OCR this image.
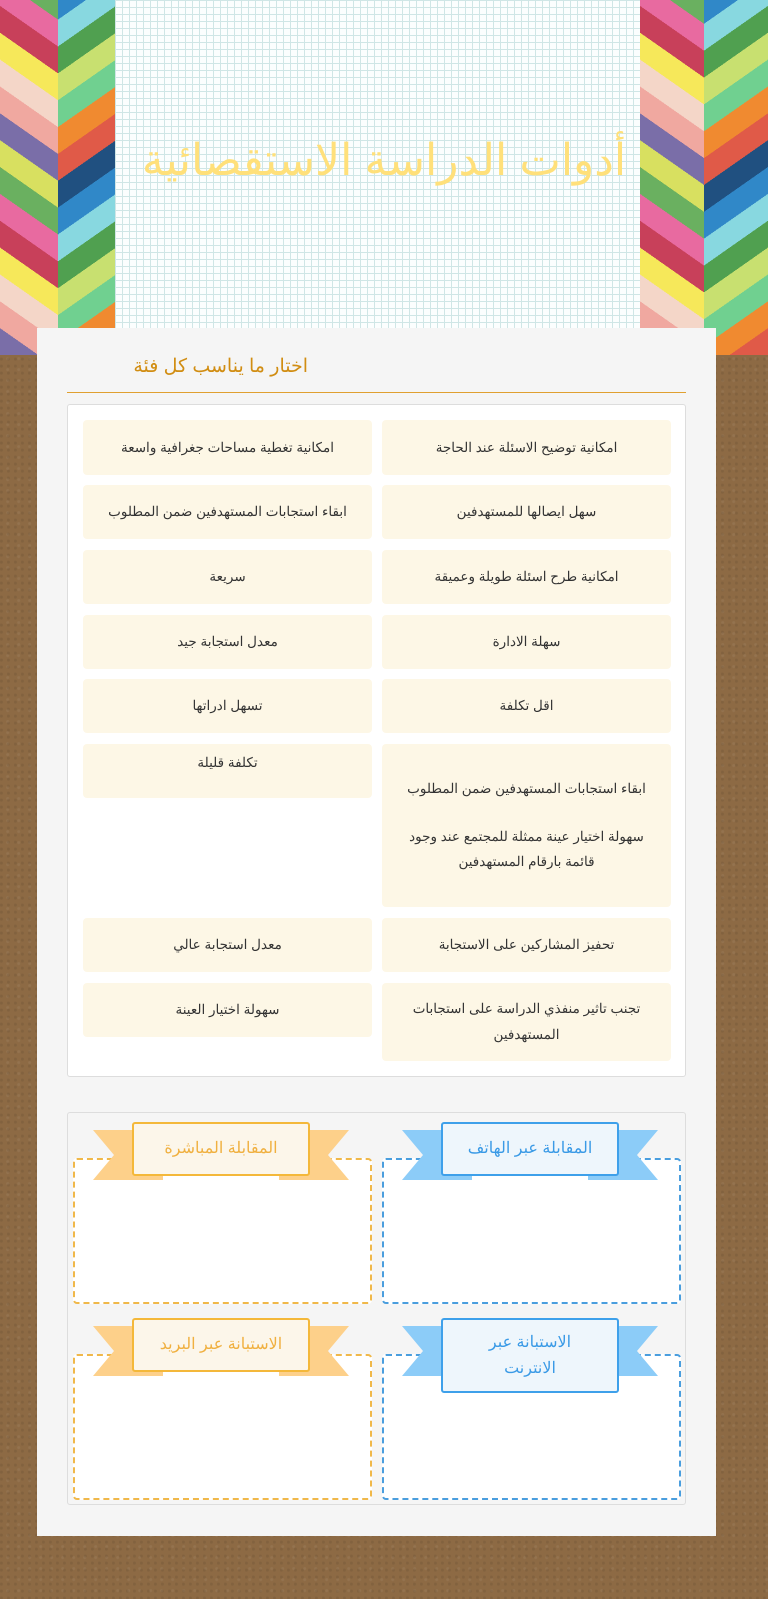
أدوات الدراسة الاستقصائية
اختار ما يناسب كل فئة
امكانية توضيح الاسئلة عند الحاجة
امكانية تغطية مساحات جغرافية واسعة
سهل ايصالها للمستهدفين
ابقاء استجابات المستهدفين ضمن المطلوب
امكانية طرح اسئلة طويلة وعميقة
سريعة
سهلة الادارة
معدل استجابة جيد
اقل تكلفة
تسهل ادراتها
ابقاء استجابات المستهدفين ضمن المطلوب
سهولة اختيار عينة ممثلة للمجتمع عند وجود قائمة بارقام المستهدفين
تكلفة قليلة
تحفيز المشاركين على الاستجابة
معدل استجابة عالي
تجنب تاثير منفذي الدراسة على استجابات المستهدفين
سهولة اختيار العينة
المقابلة عبر الهاتف
المقابلة المباشرة
الاستبانة عبر الانترنت
الاستبانة عبر البريد
